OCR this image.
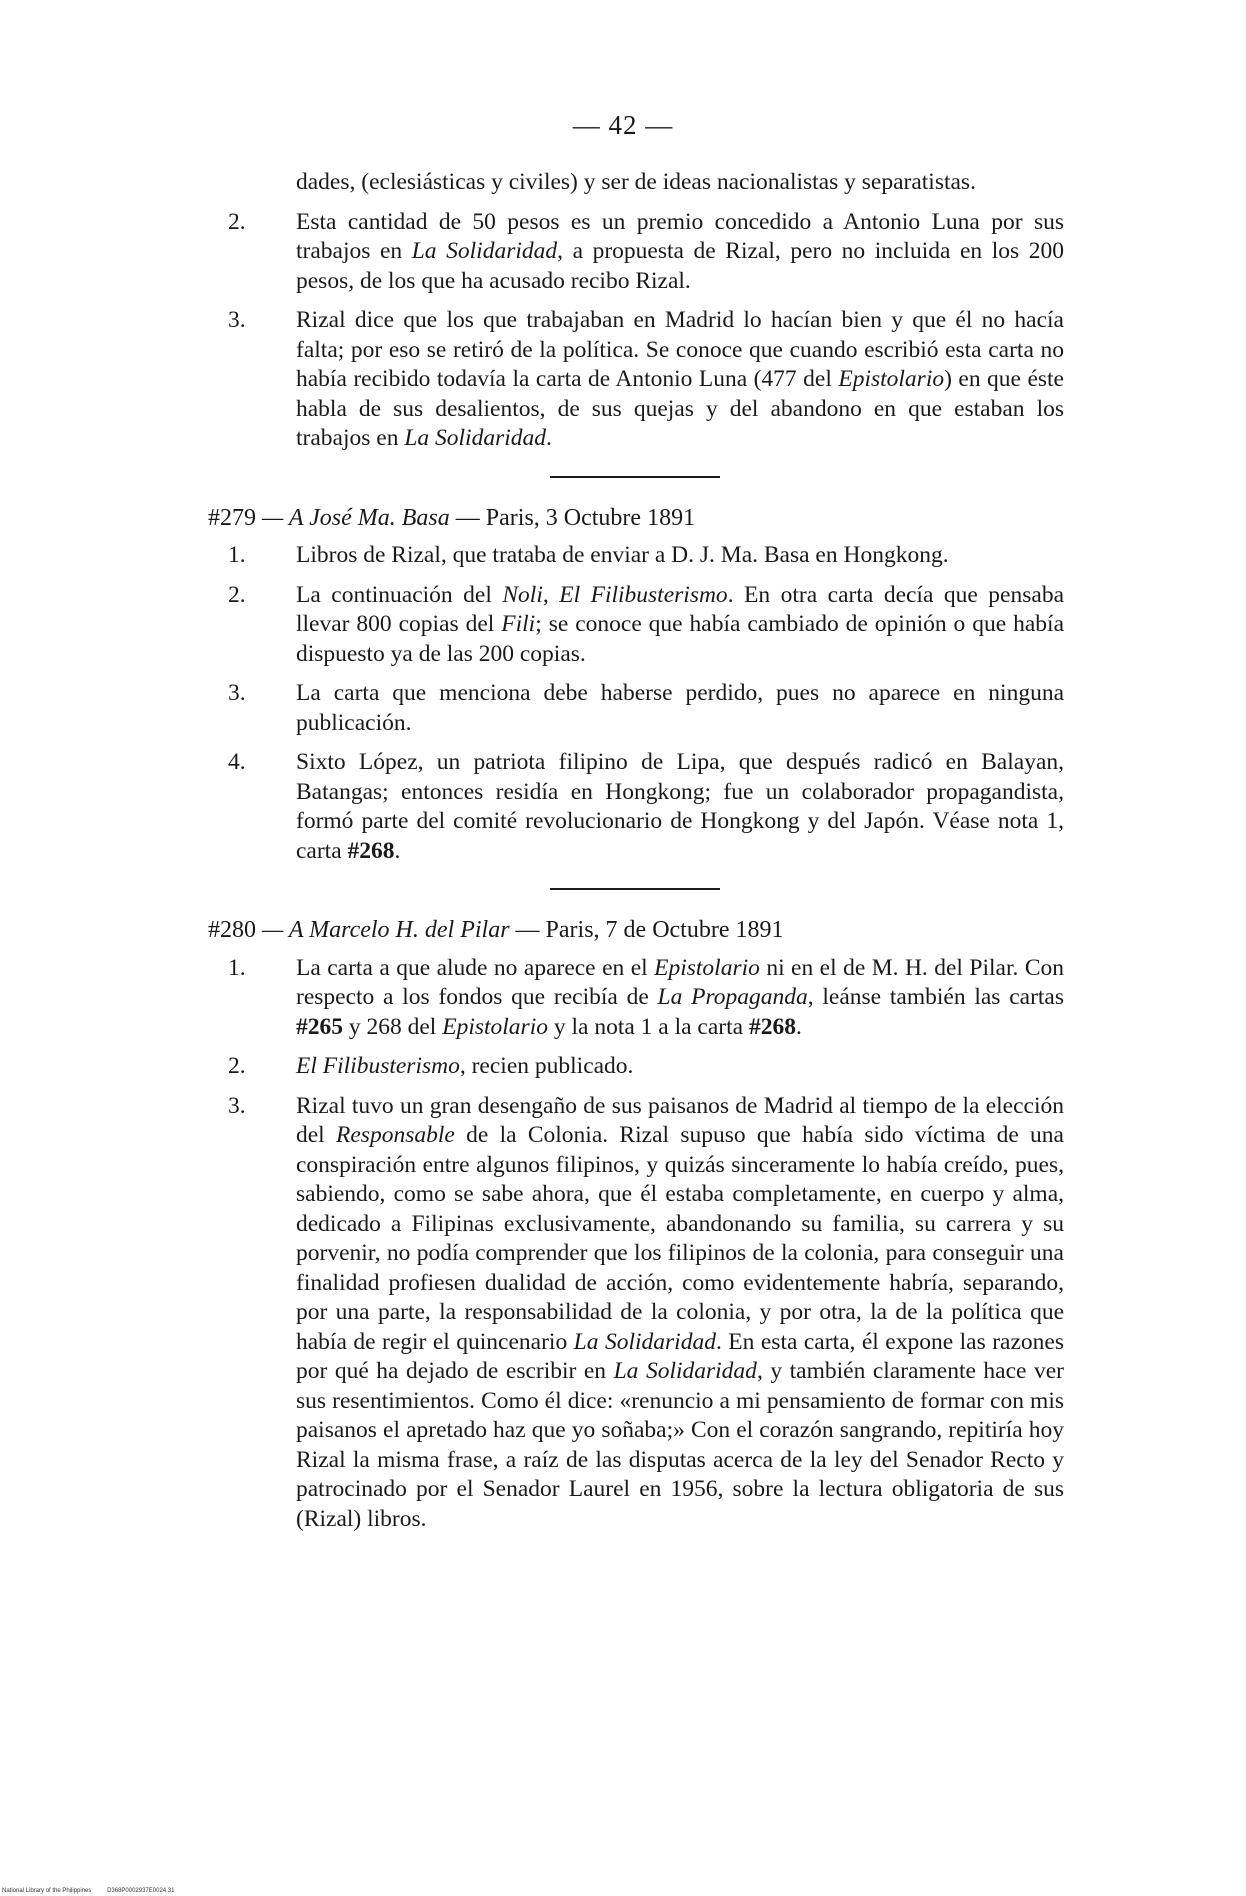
— 42 —

dades, (eclesiásticas y civiles) y ser de ideas nacionalistas y separatistas.

2.	Esta cantidad de 50 pesos es un premio concedido a Antonio Luna por sus trabajos en La Solidaridad, a propuesta de Rizal, pero no incluida en los 200 pesos, de los que ha acusado recibo Rizal.

3.	Rizal dice que los que trabajaban en Madrid lo hacían bien y que él no hacía falta; por eso se retiró de la política. Se conoce que cuando escribió esta carta no había recibido todavía la carta de Antonio Luna (477 del Epistolario) en que éste habla de sus desalientos, de sus quejas y del abandono en que estaban los trabajos en La Solidaridad.

#279 — A José Ma. Basa — Paris, 3 Octubre 1891

1.	Libros de Rizal, que trataba de enviar a D. J. Ma. Basa en Hongkong.

2.	La continuación del Noli, El Filibusterismo. En otra carta decía que pensaba llevar 800 copias del Fili; se conoce que había cambiado de opinión o que había dispuesto ya de las 200 copias.

3.	La carta que menciona debe haberse perdido, pues no aparece en ninguna publicación.

4.	Sixto López, un patriota filipino de Lipa, que después radicó en Balayan, Batangas; entonces residía en Hongkong; fue un colaborador propagandista, formó parte del comité revolucionario de Hongkong y del Japón. Véase nota 1, carta #268.

#280 — A Marcelo H. del Pilar — Paris, 7 de Octubre 1891

1.	La carta a que alude no aparece en el Epistolario ni en el de M. H. del Pilar. Con respecto a los fondos que recibía de La Propaganda, leánse también las cartas #265 y 268 del Epistolario y la nota 1 a la carta #268.

2.	El Filibusterismo, recien publicado.

3.	Rizal tuvo un gran desengaño de sus paisanos de Madrid al tiempo de la elección del Responsable de la Colonia. Rizal supuso que había sido víctima de una conspiración entre algunos filipinos, y quizás sinceramente lo había creído, pues, sabiendo, como se sabe ahora, que él estaba completamente, en cuerpo y alma, dedicado a Filipinas exclusivamente, abandonando su familia, su carrera y su porvenir, no podía comprender que los filipinos de la colonia, para conseguir una finalidad profiesen dualidad de acción, como evidentemente habría, separando, por una parte, la responsabilidad de la colonia, y por otra, la de la política que había de regir el quincenario La Solidaridad. En esta carta, él expone las razones por qué ha dejado de escribir en La Solidaridad, y también claramente hace ver sus resentimientos. Como él dice: «renuncio a mi pensamiento de formar con mis paisanos el apretado haz que yo soñaba;» Con el corazón sangrando, repitiría hoy Rizal la misma frase, a raíz de las disputas acerca de la ley del Senador Recto y patrocinado por el Senador Laurel en 1956, sobre la lectura obligatoria de sus (Rizal) libros.

National Library of the Philippines	D368P0002937E0024.31
